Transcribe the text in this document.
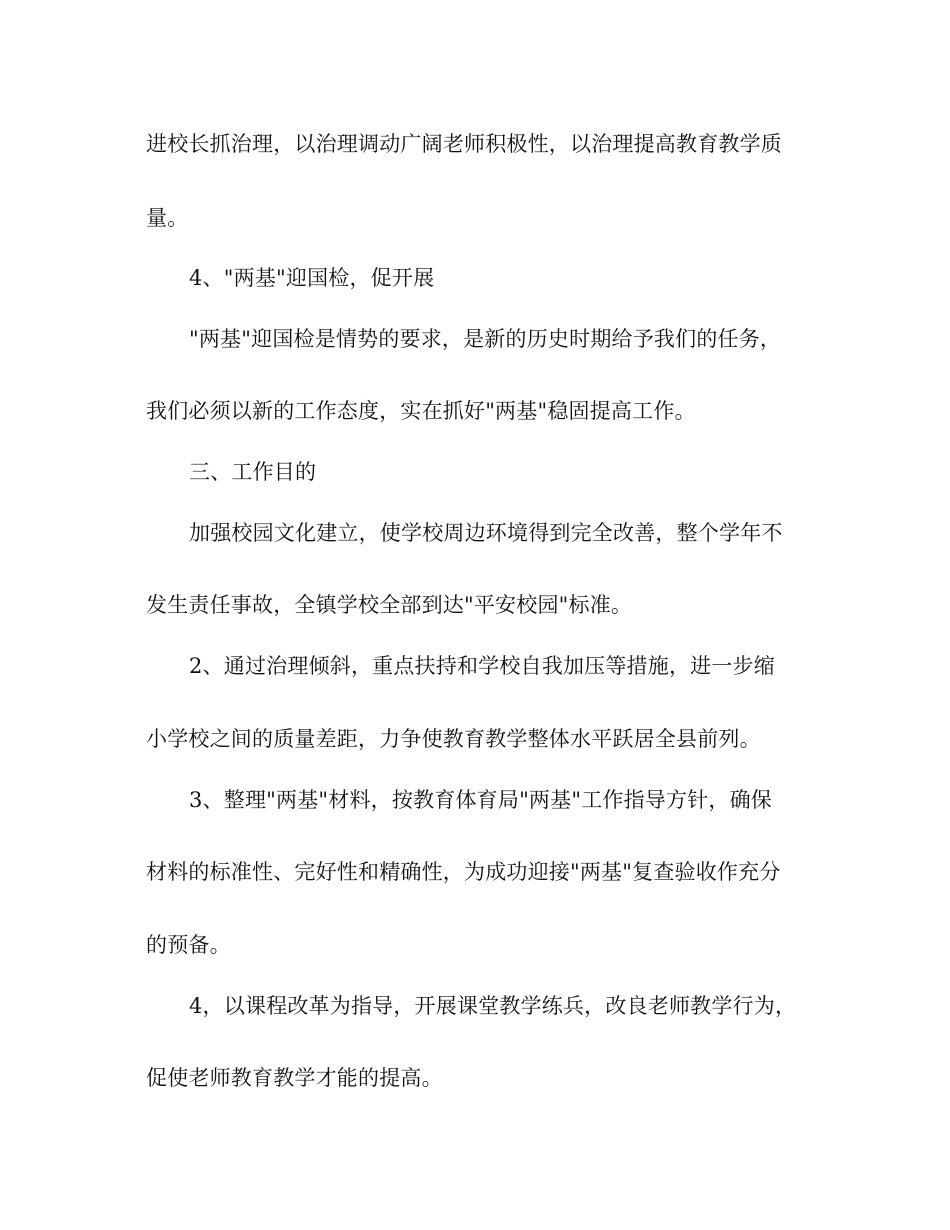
进校长抓治理，以治理调动广阔老师积极性，以治理提高教育教学质
量。
4、"两基"迎国检，促开展
"两基"迎国检是情势的要求，是新的历史时期给予我们的任务，
我们必须以新的工作态度，实在抓好"两基"稳固提高工作。
三、工作目的
加强校园文化建立，使学校周边环境得到完全改善，整个学年不
发生责任事故，全镇学校全部到达"平安校园"标准。
2、通过治理倾斜，重点扶持和学校自我加压等措施，进一步缩
小学校之间的质量差距，力争使教育教学整体水平跃居全县前列。
3、整理"两基"材料，按教育体育局"两基"工作指导方针，确保
材料的标准性、完好性和精确性，为成功迎接"两基"复查验收作充分
的预备。
4，以课程改革为指导，开展课堂教学练兵，改良老师教学行为，
促使老师教育教学才能的提高。
